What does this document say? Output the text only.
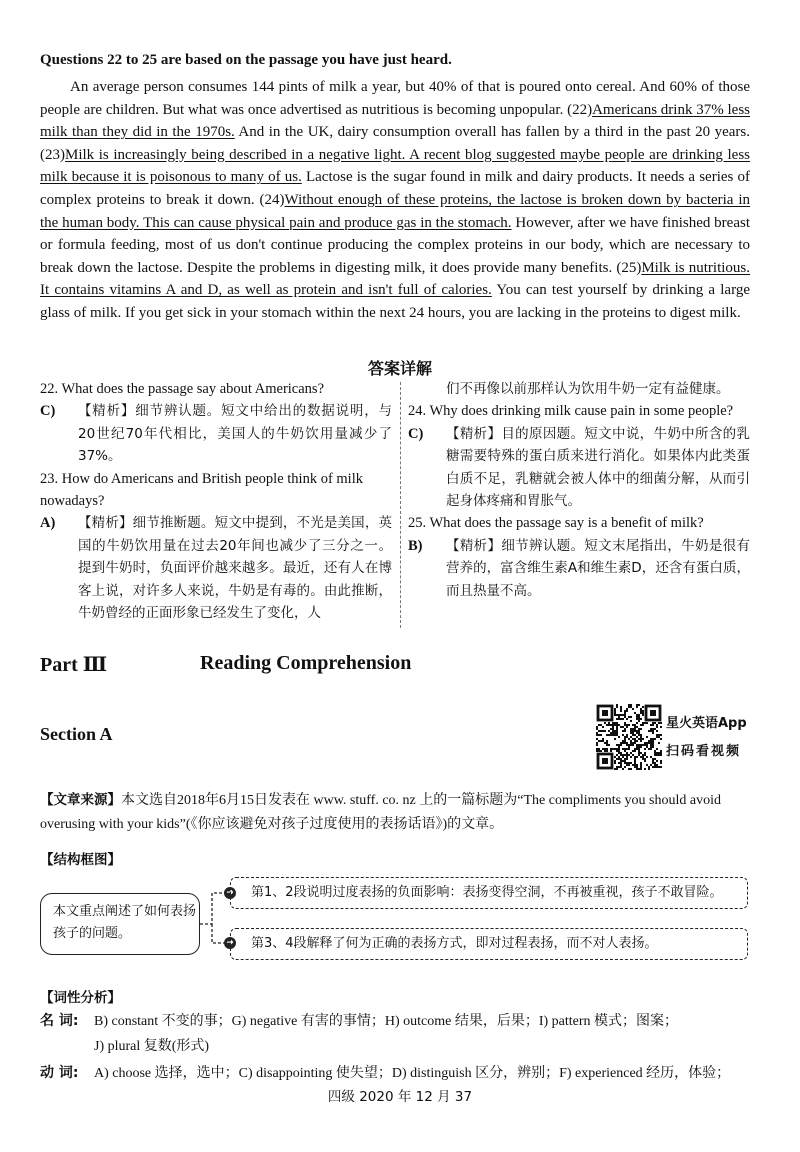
Questions 22 to 25 are based on the passage you have just heard.

An average person consumes 144 pints of milk a year, but 40% of that is poured onto cereal. And 60% of those people are children. But what was once advertised as nutritious is becoming unpopular. (22)Americans drink 37% less milk than they did in the 1970s. And in the UK, dairy consumption overall has fallen by a third in the past 20 years. (23)Milk is increasingly being described in a negative light. A recent blog suggested maybe people are drinking less milk because it is poisonous to many of us. Lactose is the sugar found in milk and dairy products. It needs a series of complex proteins to break it down. (24)Without enough of these proteins, the lactose is broken down by bacteria in the human body. This can cause physical pain and produce gas in the stomach. However, after we have finished breast or formula feeding, most of us don't continue producing the complex proteins in our body, which are necessary to break down the lactose. Despite the problems in digesting milk, it does provide many benefits. (25)Milk is nutritious. It contains vitamins A and D, as well as protein and isn't full of calories. You can test yourself by drinking a large glass of milk. If you get sick in your stomach within the next 24 hours, you are lacking in the proteins to digest milk.

答案详解
22. What does the passage say about Americans?
C)	【精析】细节辨认题。短文中给出的数据说明，与20世纪70年代相比，美国人的牛奶饮用量减少了37%。
23. How do Americans and British people think of milk nowadays?
A)	【精析】细节推断题。短文中提到，不光是美国，英国的牛奶饮用量在过去20年间也减少了三分之一。提到牛奶时，负面评价越来越多。最近，还有人在博客上说，对许多人来说，牛奶是有毒的。由此推断，牛奶曾经的正面形象已经发生了变化，人
们不再像以前那样认为饮用牛奶一定有益健康。
24. Why does drinking milk cause pain in some people?
C)	【精析】目的原因题。短文中说，牛奶中所含的乳糖需要特殊的蛋白质来进行消化。如果体内此类蛋白质不足，乳糖就会被人体中的细菌分解，从而引起身体疼痛和胃胀气。
25. What does the passage say is a benefit of milk?
B)	【精析】细节辨认题。短文末尾指出，牛奶是很有营养的，富含维生素A和维生素D，还含有蛋白质，而且热量不高。
Part Ⅲ	Reading Comprehension
Section A
星火英语App
扫码看视频
【文章来源】本文选自2018年6月15日发表在 www. stuff. co. nz 上的一篇标题为“The compliments you should avoid overusing with your kids”(《你应该避免对孩子过度使用的表扬话语》)的文章。
【结构框图】
本文重点阐述了如何表扬孩子的问题。
➜
➜
第1、2段说明过度表扬的负面影响：表扬变得空洞，不再被重视，孩子不敢冒险。
第3、4段解释了何为正确的表扬方式，即对过程表扬，而不对人表扬。
【词性分析】
名 词: B) constant 不变的事；G) negative 有害的事情；H) outcome 结果，后果；I) pattern 模式；图案；
J) plural 复数(形式)
动 词: A) choose 选择，选中；C) disappointing 使失望；D) distinguish 区分，辨别；F) experienced 经历，体验；
四级 2020 年 12 月 37
